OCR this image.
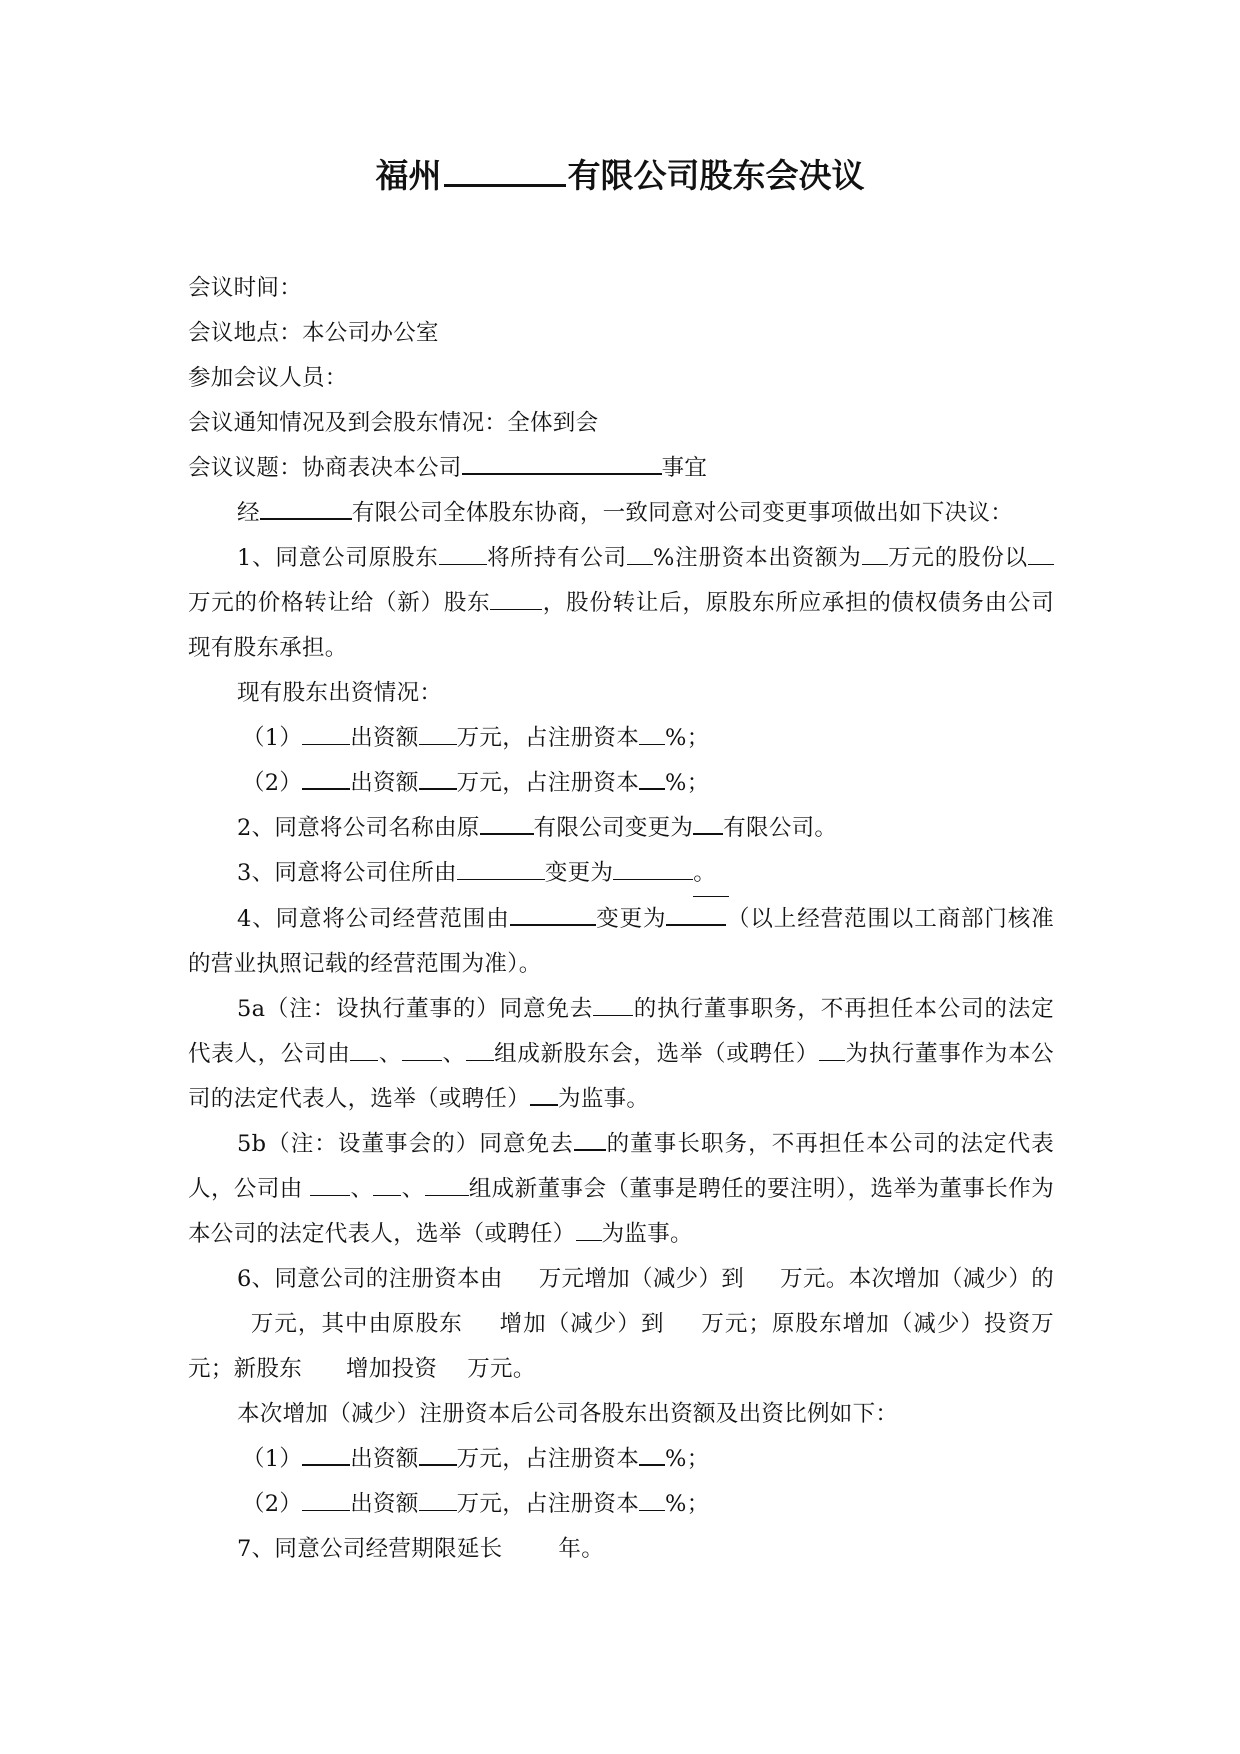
福州	有限公司股东会决议

会议时间：

会议地点：本公司办公室

参加会议人员：

会议通知情况及到会股东情况：全体到会

会议议题：协商表决本公司	事宜

经	有限公司全体股东协商，一致同意对公司变更事项做出如下决议：

1、同意公司原股东 将所持有公司 %注册资本出资额为 万元的股份以万元的价格转让给（新）股东 ，股份转让后，原股东所应承担的债权债务由公司现有股东承担。

现有股东出资情况：

（1） 出资额 万元，占注册资本 %；

（2） 出资额 万元，占注册资本 %；

2、同意将公司名称由原 有限公司变更为 有限公司。

3、同意将公司住所由	变更为	。

4、同意将公司经营范围由	变更为	（以上经营范围以工商部门核准的营业执照记载的经营范围为准）。

5a（注：设执行董事的）同意免去 的执行董事职务，不再担任本公司的法定代表人，公司由 、 、 组成新股东会，选举（或聘任） 为执行董事作为本公司的法定代表人，选举（或聘任） 为监事。

5b（注：设董事会的）同意免去 的董事长职务，不再担任本公司的法定代表人，公司由 、 、 组成新董事会（董事是聘任的要注明），选举为董事长作为本公司的法定代表人，选举（或聘任） 为监事。

6、同意公司的注册资本由 万元增加（减少）到 万元。本次增加（减少）的万元，其中由原股东 增加（减少）到 万元；原股东增加（减少）投资万元；新股东 增加投资 万元。

本次增加（减少）注册资本后公司各股东出资额及出资比例如下：

（1） 出资额 万元，占注册资本 %；

（2） 出资额 万元，占注册资本 %；

7、同意公司经营期限延长 年。
